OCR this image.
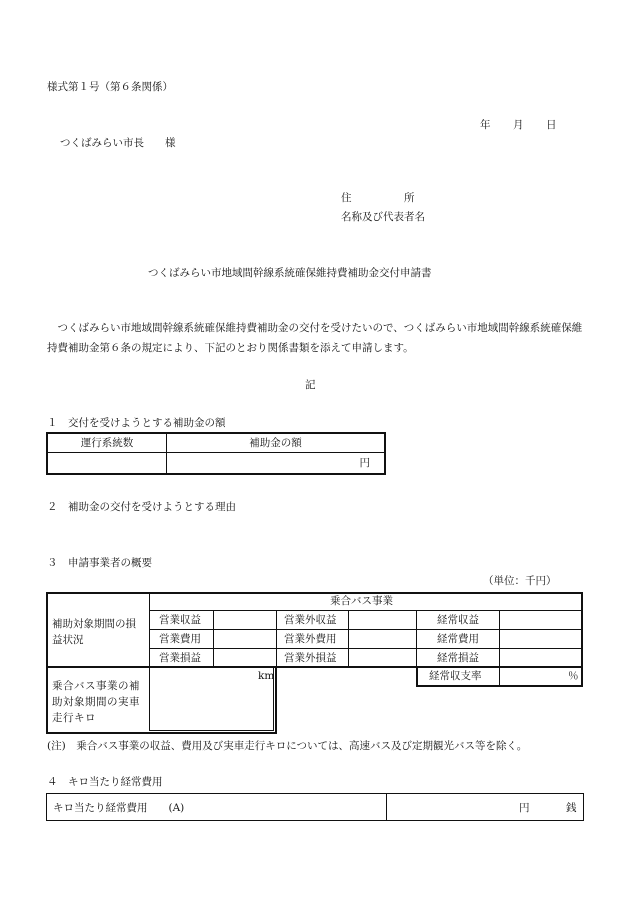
様式第１号（第６条関係）
年 月 日
つくばみらい市長　　様
住　　　　　所
名称及び代表者名
つくばみらい市地域間幹線系統確保維持費補助金交付申請書
　つくばみらい市地域間幹線系統確保維持費補助金の交付を受けたいので、つくばみらい市地域間幹線系統確保維持費補助金第６条の規定により、下記のとおり関係書類を添えて申請します。
記
１　交付を受けようとする補助金の額
運行系統数	補助金の額
	円
２　補助金の交付を受けようとする理由
３　申請事業者の概要
（単位：千円）
乗合バス事業
補助対象期間の損益状況
営業収益	営業外収益	経常収益
営業費用	営業外費用	経常費用
営業損益	営業外損益	経常損益
経常収支率	％
乗合バス事業の補助対象期間の実車走行キロ
km
(注)　乗合バス事業の収益、費用及び実車走行キロについては、高速バス及び定期観光バス等を除く。
４　キロ当たり経常費用
キロ当たり経常費用　　(A)	円	銭
